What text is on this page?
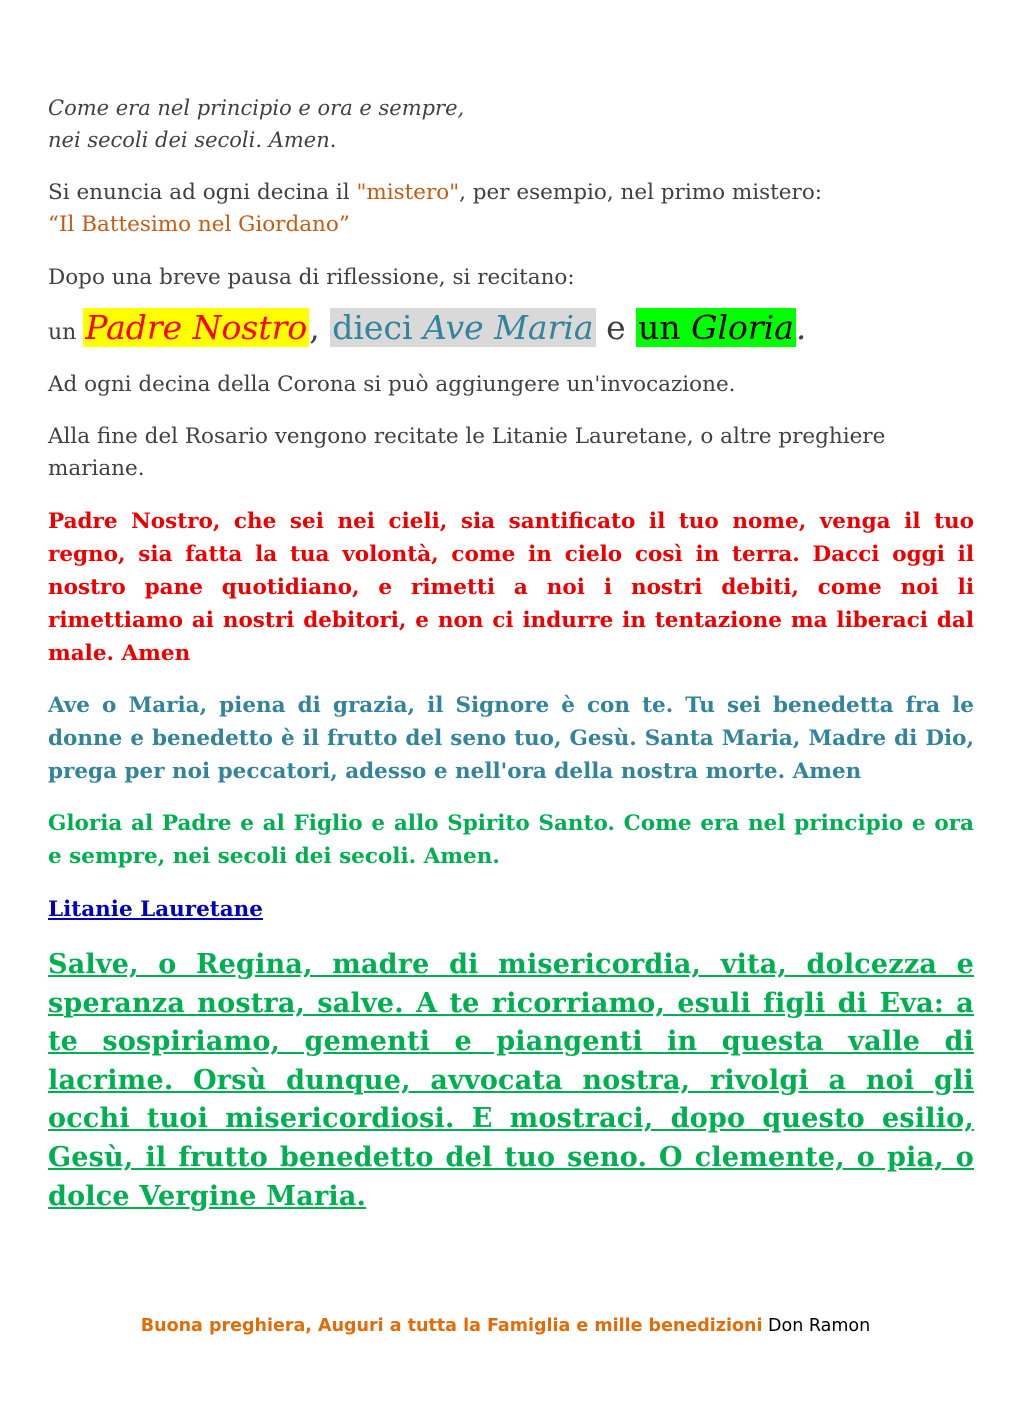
Come era nel principio e ora e sempre,
nei secoli dei secoli. Amen.

Si enuncia ad ogni decina il "mistero", per esempio, nel primo mistero:
“Il Battesimo nel Giordano”

Dopo una breve pausa di riflessione, si recitano:

un Padre Nostro, dieci Ave Maria e un Gloria.

Ad ogni decina della Corona si può aggiungere un'invocazione.

Alla fine del Rosario vengono recitate le Litanie Lauretane, o altre preghiere mariane.

Padre Nostro, che sei nei cieli, sia santificato il tuo nome, venga il tuo regno, sia fatta la tua volontà, come in cielo così in terra. Dacci oggi il nostro pane quotidiano, e rimetti a noi i nostri debiti, come noi li rimettiamo ai nostri debitori, e non ci indurre in tentazione ma liberaci dal male. Amen

Ave o Maria, piena di grazia, il Signore è con te. Tu sei benedetta fra le donne e benedetto è il frutto del seno tuo, Gesù. Santa Maria, Madre di Dio, prega per noi peccatori, adesso e nell'ora della nostra morte. Amen

Gloria al Padre e al Figlio e allo Spirito Santo. Come era nel principio e ora e sempre, nei secoli dei secoli. Amen.

Litanie Lauretane

Salve, o Regina, madre di misericordia, vita, dolcezza e speranza nostra, salve. A te ricorriamo, esuli figli di Eva: a te sospiriamo, gementi e piangenti in questa valle di lacrime. Orsù dunque, avvocata nostra, rivolgi a noi gli occhi tuoi misericordiosi. E mostraci, dopo questo esilio, Gesù, il frutto benedetto del tuo seno. O clemente, o pia, o dolce Vergine Maria.

Buona preghiera, Auguri a tutta la Famiglia e mille benedizioni Don Ramon
